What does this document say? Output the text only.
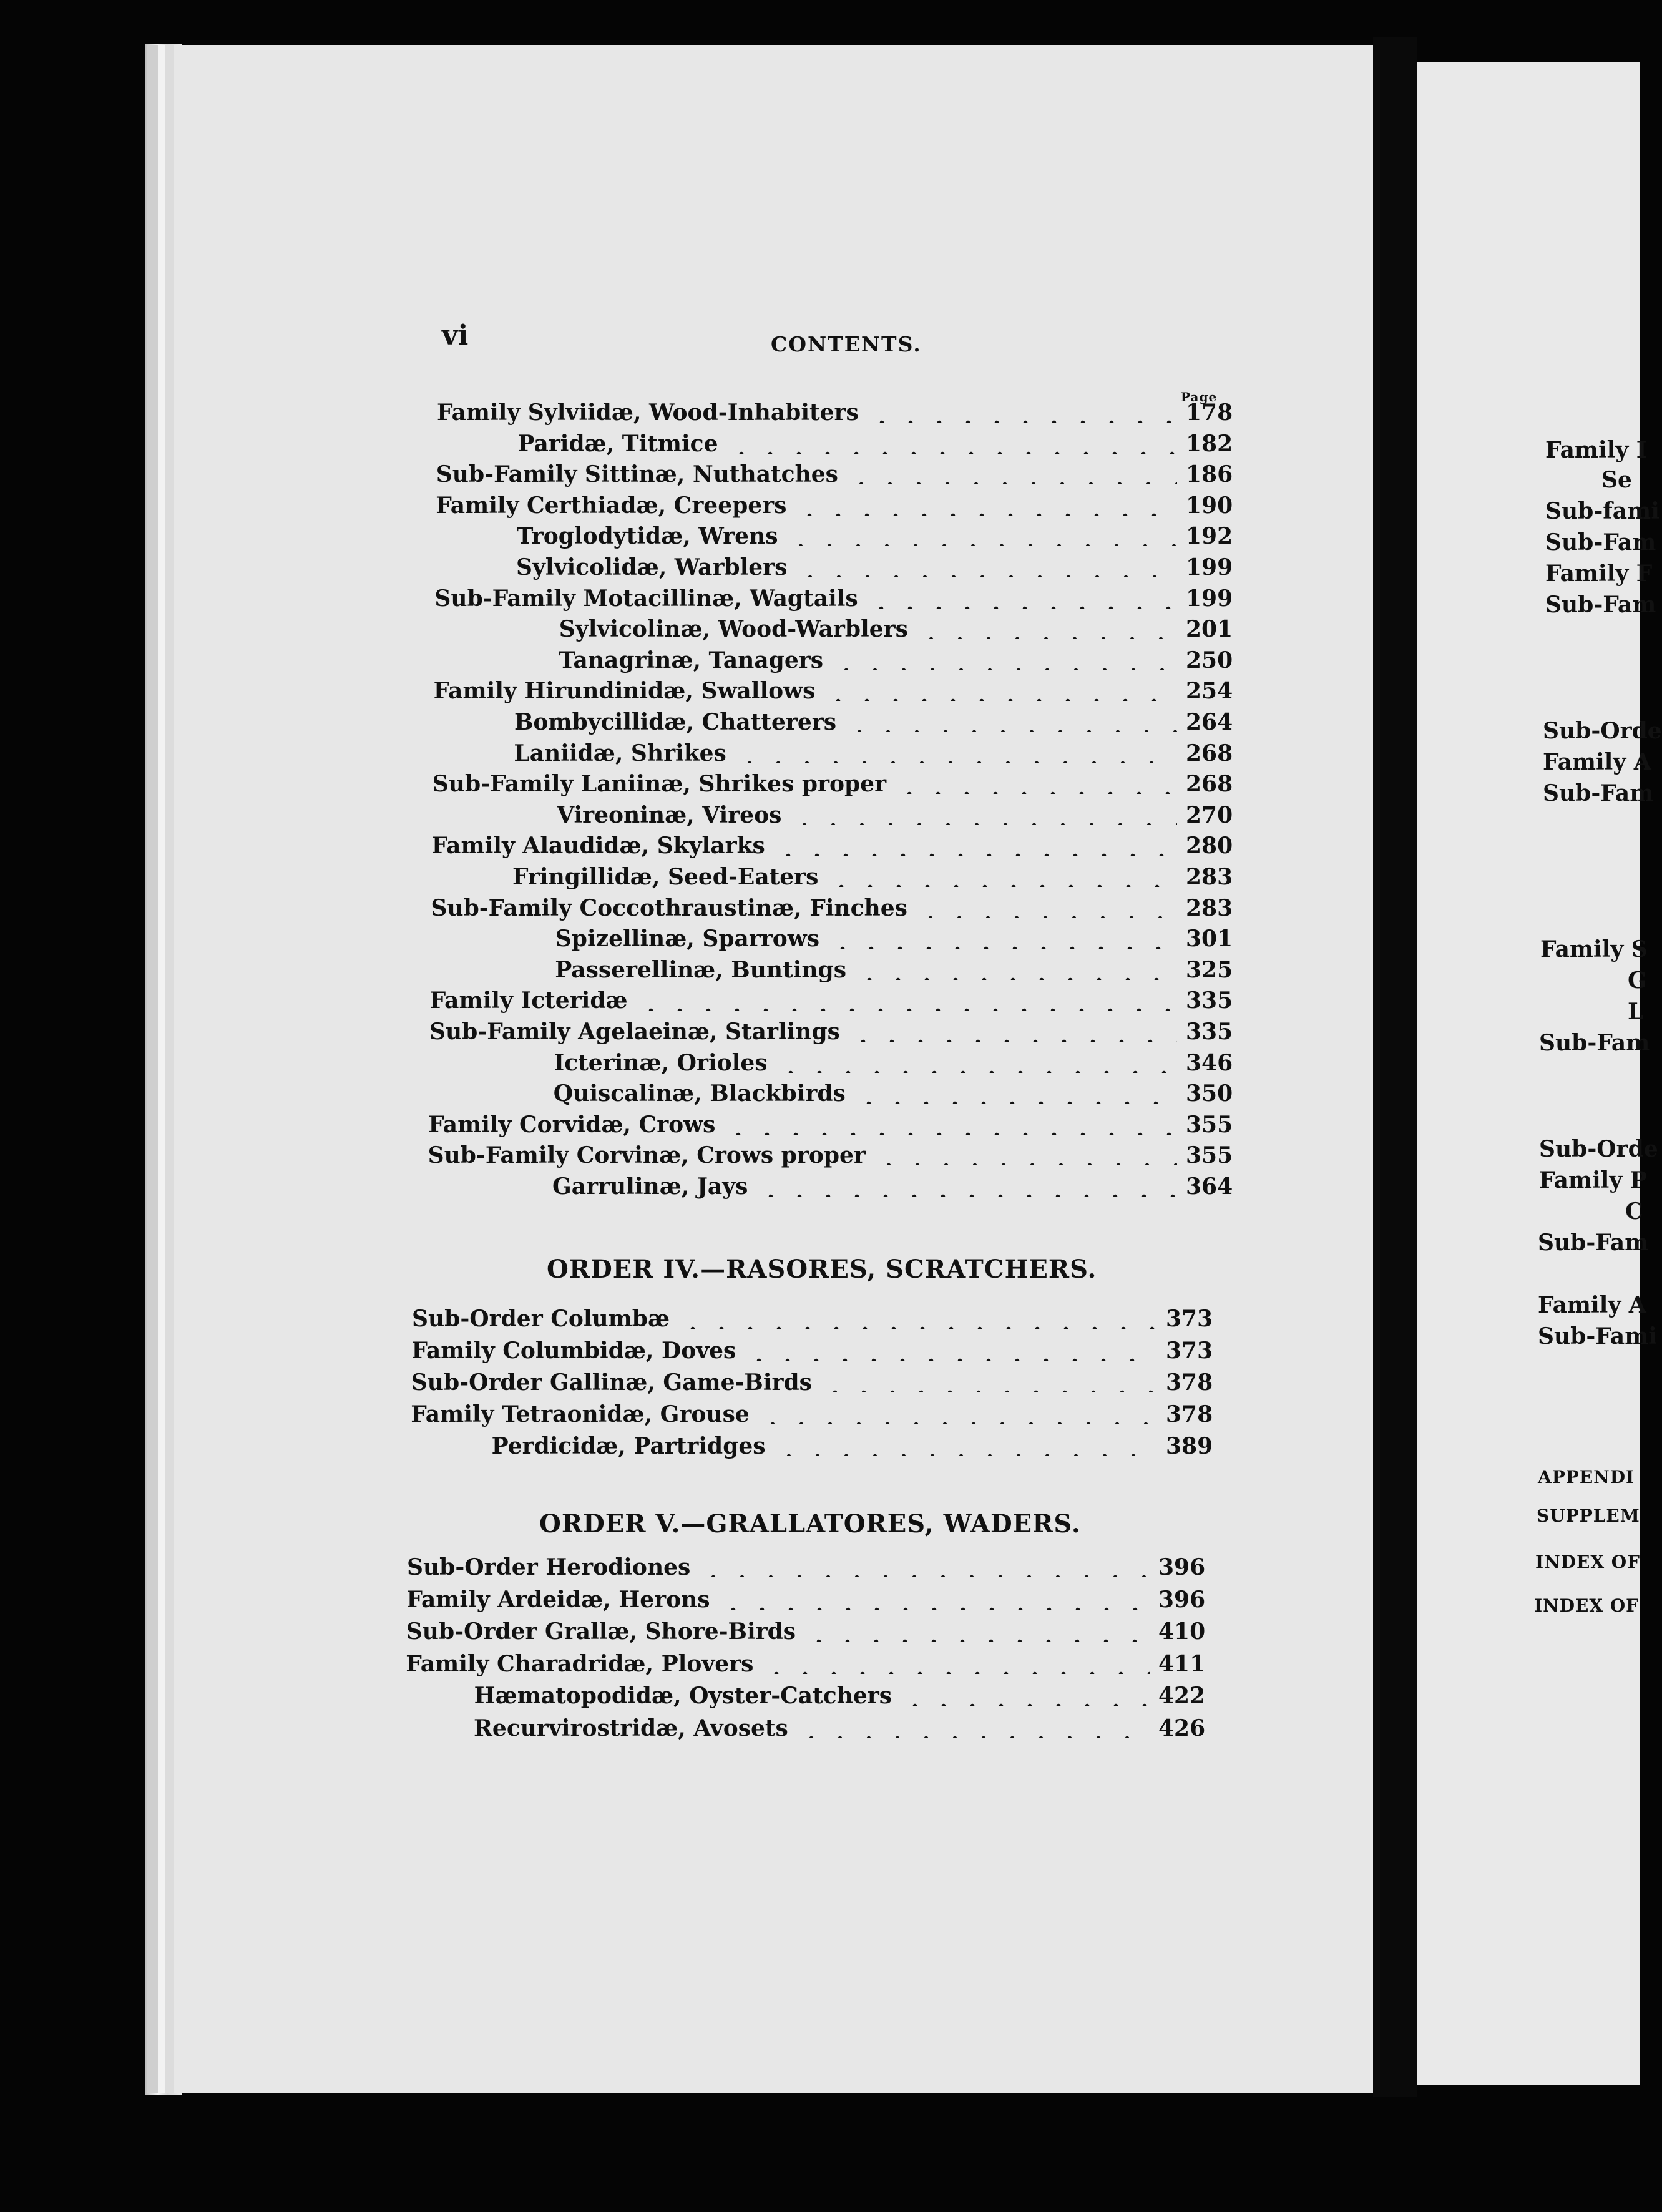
vi	CONTENTS.
Page
Family Sylviidæ, Wood-Inhabiters	178
Paridæ, Titmice	182
Sub-Family Sittinæ, Nuthatches	186
Family Certhiadæ, Creepers	190
Troglodytidæ, Wrens	192
Sylvicolidæ, Warblers	199
Sub-Family Motacillinæ, Wagtails	199
Sylvicolinæ, Wood-Warblers	201
Tanagrinæ, Tanagers	250
Family Hirundinidæ, Swallows	254
Bombycillidæ, Chatterers	264
Laniidæ, Shrikes	268
Sub-Family Laniinæ, Shrikes proper	268
Vireoninæ, Vireos	270
Family Alaudidæ, Skylarks	280
Fringillidæ, Seed-Eaters	283
Sub-Family Coccothraustinæ, Finches	283
Spizellinæ, Sparrows	301
Passerellinæ, Buntings	325
Family Icteridæ	335
Sub-Family Agelaeinæ, Starlings	335
Icterinæ, Orioles	346
Quiscalinæ, Blackbirds	350
Family Corvidæ, Crows	355
Sub-Family Corvinæ, Crows proper	355
Garrulinæ, Jays	364
ORDER IV.—RASORES, SCRATCHERS.
Sub-Order Columbæ	373
Family Columbidæ, Doves	373
Sub-Order Gallinæ, Game-Birds	378
Family Tetraonidæ, Grouse	378
Perdicidæ, Partridges	389
ORDER V.—GRALLATORES, WADERS.
Sub-Order Herodiones	396
Family Ardeidæ, Herons	396
Sub-Order Grallæ, Shore-Birds	410
Family Charadridæ, Plovers	411
Hæmatopodidæ, Oyster-Catchers	422
Recurvirostridæ, Avosets	426
Family I
Se
Sub-fami
Sub-Fam
Family F
Sub-Fam
Sub-Orde
Family A
Sub-Fam
Family S
G
L
Sub-Fam
Sub-Orde
Family P
C
Sub-Fam
Family A
Sub-Fami
APPENDI
SUPPLEM
INDEX OF
INDEX OF
